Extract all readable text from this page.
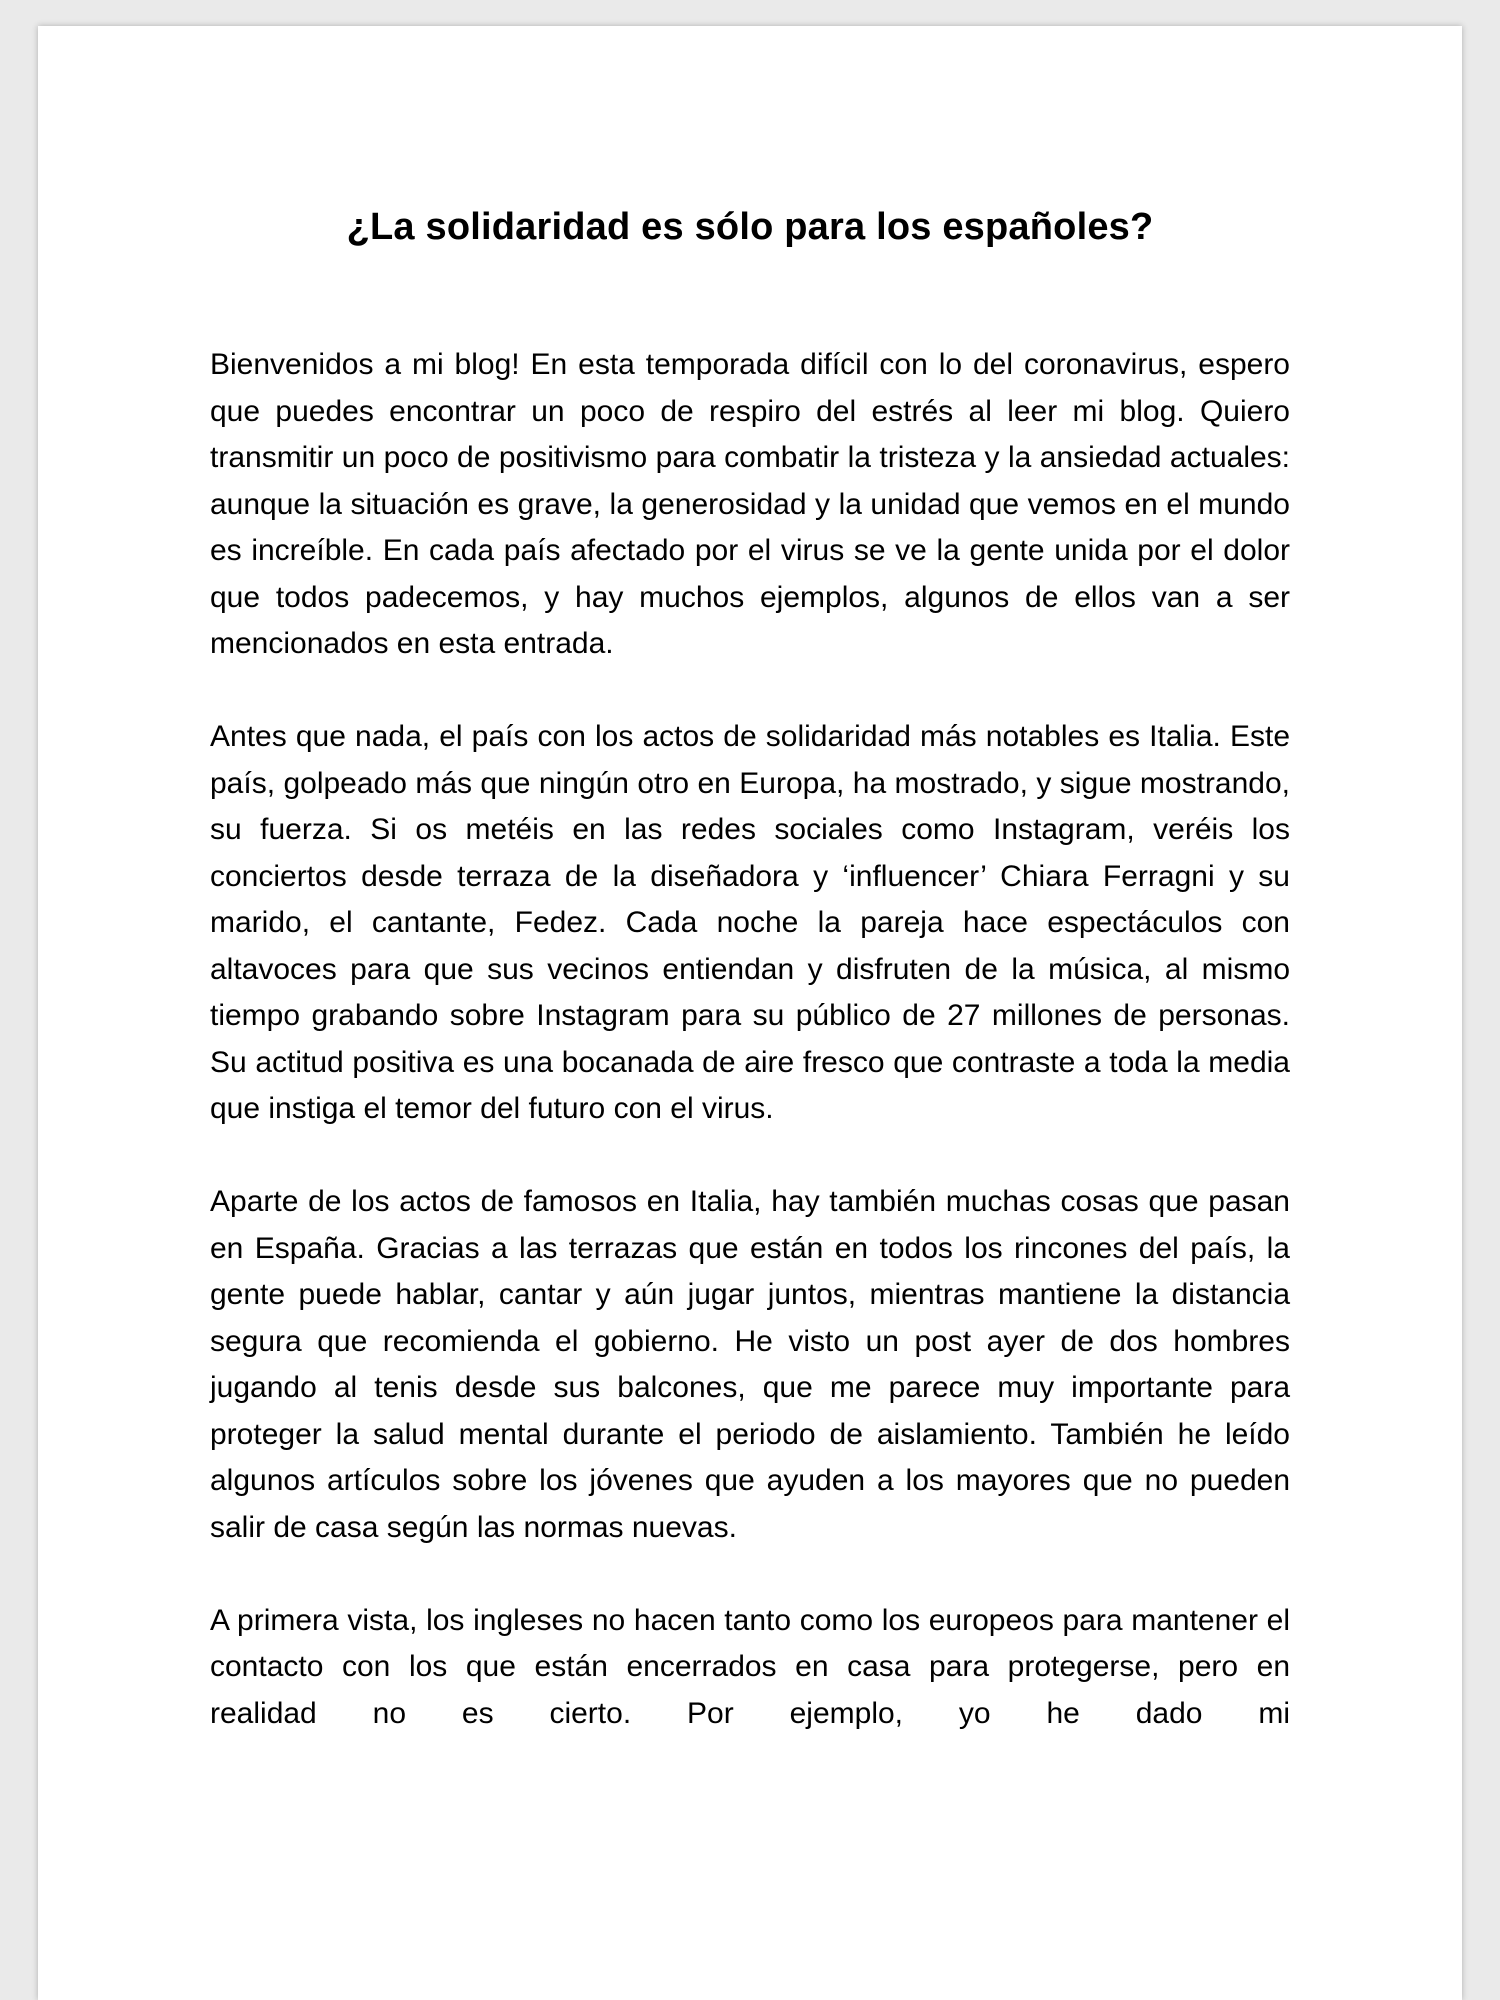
¿La solidaridad es sólo para los españoles?

Bienvenidos a mi blog! En esta temporada difícil con lo del coronavirus, espero que puedes encontrar un poco de respiro del estrés al leer mi blog. Quiero transmitir un poco de positivismo para combatir la tristeza y la ansiedad actuales: aunque la situación es grave, la generosidad y la unidad que vemos en el mundo es increíble. En cada país afectado por el virus se ve la gente unida por el dolor que todos padecemos, y hay muchos ejemplos, algunos de ellos van a ser mencionados en esta entrada.

Antes que nada, el país con los actos de solidaridad más notables es Italia. Este país, golpeado más que ningún otro en Europa, ha mostrado, y sigue mostrando, su fuerza. Si os metéis en las redes sociales como Instagram, veréis los conciertos desde terraza de la diseñadora y ‘influencer’ Chiara Ferragni y su marido, el cantante, Fedez. Cada noche la pareja hace espectáculos con altavoces para que sus vecinos entiendan y disfruten de la música, al mismo tiempo grabando sobre Instagram para su público de 27 millones de personas. Su actitud positiva es una bocanada de aire fresco que contraste a toda la media que instiga el temor del futuro con el virus.

Aparte de los actos de famosos en Italia, hay también muchas cosas que pasan en España. Gracias a las terrazas que están en todos los rincones del país, la gente puede hablar, cantar y aún jugar juntos, mientras mantiene la distancia segura que recomienda el gobierno. He visto un post ayer de dos hombres jugando al tenis desde sus balcones, que me parece muy importante para proteger la salud mental durante el periodo de aislamiento. También he leído algunos artículos sobre los jóvenes que ayuden a los mayores que no pueden salir de casa según las normas nuevas.

A primera vista, los ingleses no hacen tanto como los europeos para mantener el contacto con los que están encerrados en casa para protegerse, pero en realidad no es cierto. Por ejemplo, yo he dado mi
